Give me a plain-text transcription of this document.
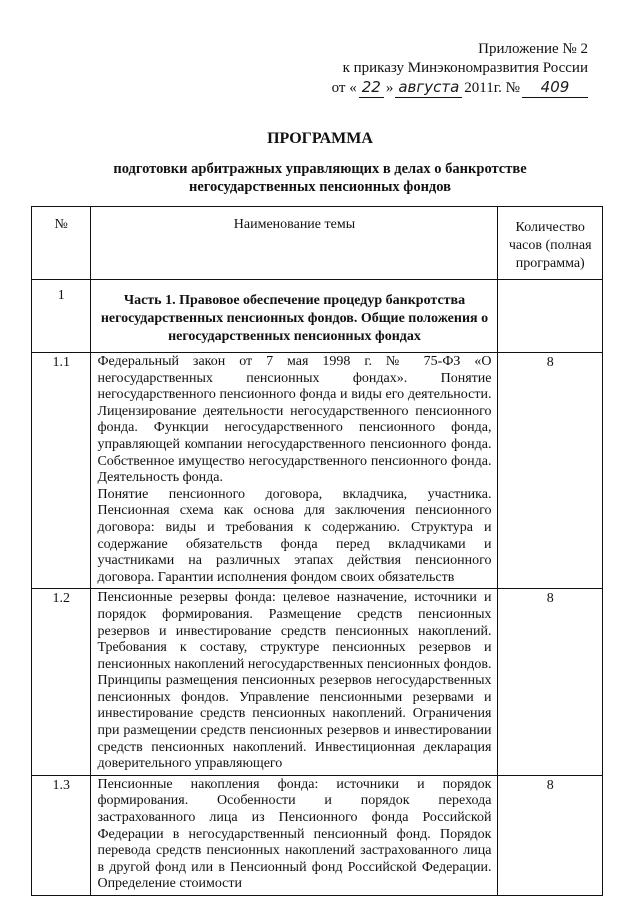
Приложение № 2
к приказу Минэкономразвития России
от « 22 » августа 2011г. №	409
ПРОГРАММА
подготовки арбитражных управляющих в делах о банкротстве негосударственных пенсионных фондов
№	Наименование темы	Количество часов (полная программа)
1	Часть 1. Правовое обеспечение процедур банкротства негосударственных пенсионных фондов. Общие положения о негосударственных пенсионных фондах	
1.1	Федеральный закон от 7 мая 1998 г. № 75-ФЗ «О негосударственных пенсионных фондах». Понятие негосударственного пенсионного фонда и виды его деятельности. Лицензирование деятельности негосударственного пенсионного фонда. Функции негосударственного пенсионного фонда, управляющей компании негосударственного пенсионного фонда. Собственное имущество негосударственного пенсионного фонда. Деятельность фонда.
Понятие пенсионного договора, вкладчика, участника. Пенсионная схема как основа для заключения пенсионного договора: виды и требования к содержанию. Структура и содержание обязательств фонда перед вкладчиками и участниками на различных этапах действия пенсионного договора. Гарантии исполнения фондом своих обязательств	8
1.2	Пенсионные резервы фонда: целевое назначение, источники и порядок формирования. Размещение средств пенсионных резервов и инвестирование средств пенсионных накоплений. Требования к составу, структуре пенсионных резервов и пенсионных накоплений негосударственных пенсионных фондов. Принципы размещения пенсионных резервов негосударственных пенсионных фондов. Управление пенсионными резервами и инвестирование средств пенсионных накоплений. Ограничения при размещении средств пенсионных резервов и инвестировании средств пенсионных накоплений. Инвестиционная декларация доверительного управляющего	8
1.3	Пенсионные накопления фонда: источники и порядок формирования. Особенности и порядок перехода застрахованного лица из Пенсионного фонда Российской Федерации в негосударственный пенсионный фонд. Порядок перевода средств пенсионных накоплений застрахованного лица в другой фонд или в Пенсионный фонд Российской Федерации. Определение стоимости	8
